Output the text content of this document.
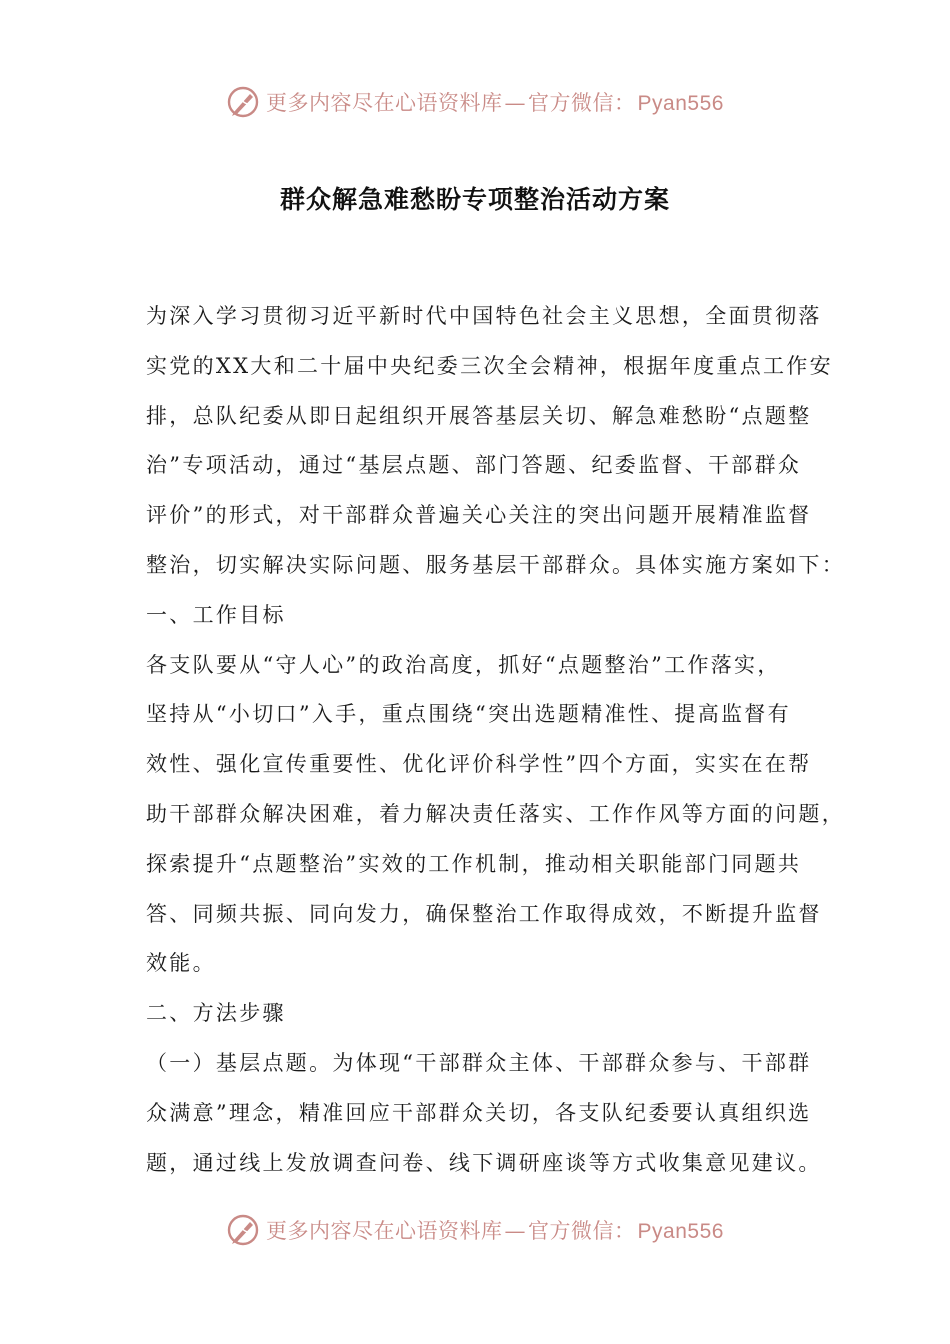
更多内容尽在心语资料库—官方微信：Pyan556
群众解急难愁盼专项整治活动方案
为深入学习贯彻习近平新时代中国特色社会主义思想，全面贯彻落
实党的XX大和二十届中央纪委三次全会精神，根据年度重点工作安
排，总队纪委从即日起组织开展答基层关切、解急难愁盼“点题整
治”专项活动，通过“基层点题、部门答题、纪委监督、干部群众
评价”的形式，对干部群众普遍关心关注的突出问题开展精准监督
整治，切实解决实际问题、服务基层干部群众。具体实施方案如下：
一、工作目标
各支队要从“守人心”的政治高度，抓好“点题整治”工作落实，
坚持从“小切口”入手，重点围绕“突出选题精准性、提高监督有
效性、强化宣传重要性、优化评价科学性”四个方面，实实在在帮
助干部群众解决困难，着力解决责任落实、工作作风等方面的问题，
探索提升“点题整治”实效的工作机制，推动相关职能部门同题共
答、同频共振、同向发力，确保整治工作取得成效，不断提升监督
效能。
二、方法步骤
（一）基层点题。为体现“干部群众主体、干部群众参与、干部群
众满意”理念，精准回应干部群众关切，各支队纪委要认真组织选
题，通过线上发放调查问卷、线下调研座谈等方式收集意见建议。
更多内容尽在心语资料库—官方微信：Pyan556
